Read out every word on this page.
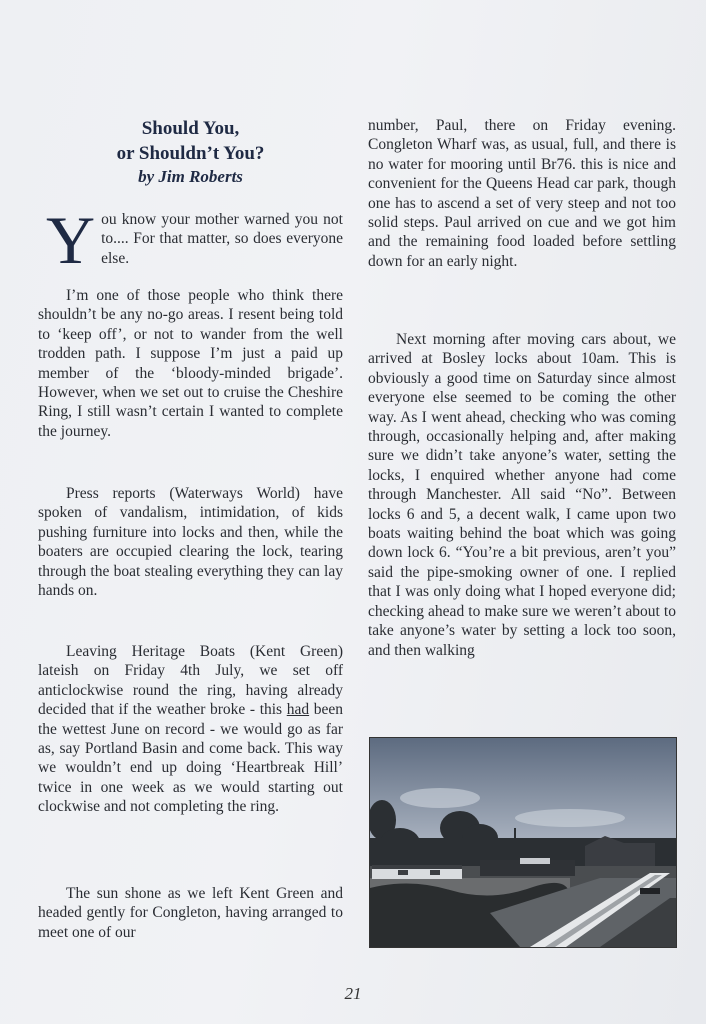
Should You,

or Shouldn’t You?

by Jim Roberts

You know your mother warned you not to.... For that matter, so does everyone else.

I’m one of those people who think there shouldn’t be any no-go areas. I resent being told to ‘keep off’, or not to wander from the well trodden path. I suppose I’m just a paid up member of the ‘bloody-minded brigade’. However, when we set out to cruise the Cheshire Ring, I still wasn’t certain I wanted to complete the journey.

Press reports (Waterways World) have spoken of vandalism, intimidation, of kids pushing furniture into locks and then, while the boaters are occupied clearing the lock, tearing through the boat stealing everything they can lay hands on.

Leaving Heritage Boats (Kent Green) lateish on Friday 4th July, we set off anticlockwise round the ring, having already decided that if the weather broke - this had been the wettest June on record - we would go as far as, say Portland Basin and come back. This way we wouldn’t end up doing ‘Heartbreak Hill’ twice in one week as we would starting out clockwise and not completing the ring.

The sun shone as we left Kent Green and headed gently for Congleton, having arranged to meet one of our

number, Paul, there on Friday evening. Congleton Wharf was, as usual, full, and there is no water for mooring until Br76. this is nice and convenient for the Queens Head car park, though one has to ascend a set of very steep and not too solid steps. Paul arrived on cue and we got him and the remaining food loaded before settling down for an early night.

Next morning after moving cars about, we arrived at Bosley locks about 10am. This is obviously a good time on Saturday since almost everyone else seemed to be coming the other way. As I went ahead, checking who was coming through, occasionally helping and, after making sure we didn’t take anyone’s water, setting the locks, I enquired whether anyone had come through Manchester. All said “No”. Between locks 6 and 5, a decent walk, I came upon two boats waiting behind the boat which was going down lock 6. “You’re a bit previous, aren’t you” said the pipe-smoking owner of one. I replied that I was only doing what I hoped everyone did; checking ahead to make sure we weren’t about to take anyone’s water by setting a lock too soon, and then walking

21
